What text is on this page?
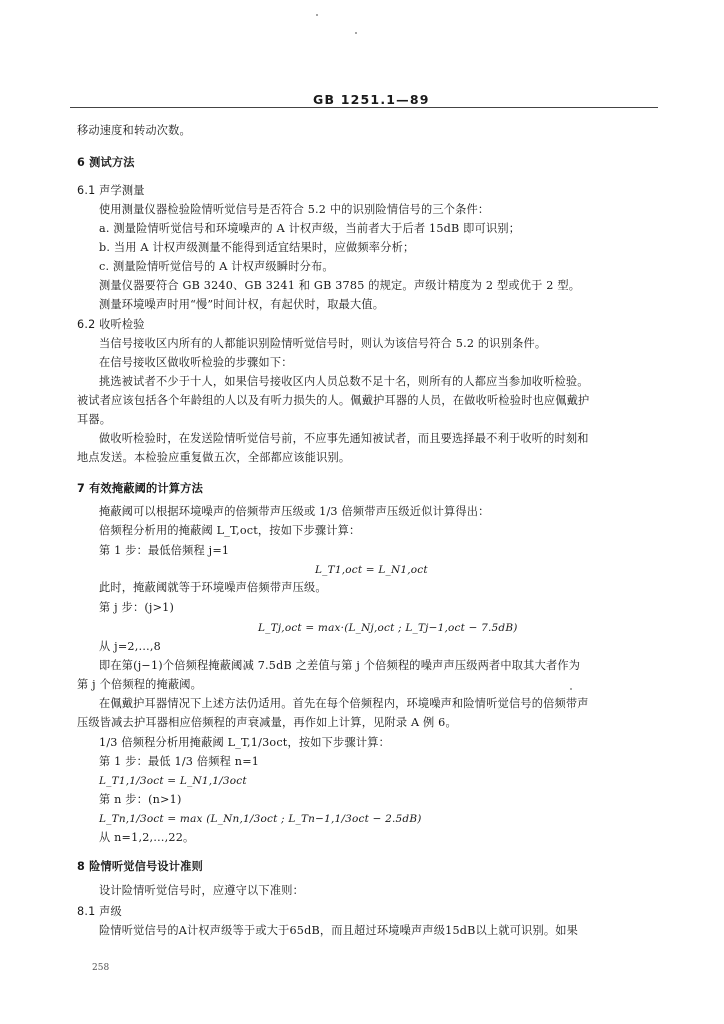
GB 1251.1—89
移动速度和转动次数。
6 测试方法
6.1 声学测量
使用测量仪器检验险情听觉信号是否符合 5.2 中的识别险情信号的三个条件：
a. 测量险情听觉信号和环境噪声的 A 计权声级，当前者大于后者 15dB 即可识别；
b. 当用 A 计权声级测量不能得到适宜结果时，应做频率分析；
c. 测量险情听觉信号的 A 计权声级瞬时分布。
测量仪器要符合 GB 3240、GB 3241 和 GB 3785 的规定。声级计精度为 2 型或优于 2 型。
测量环境噪声时用“慢”时间计权，有起伏时，取最大值。
6.2 收听检验
当信号接收区内所有的人都能识别险情听觉信号时，则认为该信号符合 5.2 的识别条件。
在信号接收区做收听检验的步骤如下：
挑选被试者不少于十人，如果信号接收区内人员总数不足十名，则所有的人都应当参加收听检验。
被试者应该包括各个年龄组的人以及有听力损失的人。佩戴护耳器的人员，在做收听检验时也应佩戴护
耳器。
做收听检验时，在发送险情听觉信号前，不应事先通知被试者，而且要选择最不利于收听的时刻和
地点发送。本检验应重复做五次，全部都应该能识别。
7 有效掩蔽阈的计算方法
掩蔽阈可以根据环境噪声的倍频带声压级或 1/3 倍频带声压级近似计算得出：
倍频程分析用的掩蔽阈 L_T,oct，按如下步骤计算：
第 1 步：最低倍频程 j=1
L_T1,oct = L_N1,oct
此时，掩蔽阈就等于环境噪声倍频带声压级。
第 j 步：(j>1)
L_Tj,oct = max·(L_Nj,oct ; L_Tj−1,oct − 7.5dB)
从 j=2,…,8
即在第(j−1)个倍频程掩蔽阈减 7.5dB 之差值与第 j 个倍频程的噪声声压级两者中取其大者作为
第 j 个倍频程的掩蔽阈。
在佩戴护耳器情况下上述方法仍适用。首先在每个倍频程内，环境噪声和险情听觉信号的倍频带声
压级皆减去护耳器相应倍频程的声衰减量，再作如上计算，见附录 A 例 6。
1/3 倍频程分析用掩蔽阈 L_T,1/3oct，按如下步骤计算：
第 1 步：最低 1/3 倍频程 n=1
L_T1,1/3oct = L_N1,1/3oct
第 n 步：(n>1)
L_Tn,1/3oct = max (L_Nn,1/3oct ; L_Tn−1,1/3oct − 2.5dB)
从 n=1,2,…,22。
8 险情听觉信号设计准则
设计险情听觉信号时，应遵守以下准则：
8.1 声级
险情听觉信号的A计权声级等于或大于65dB，而且超过环境噪声声级15dB以上就可识别。如果
258
